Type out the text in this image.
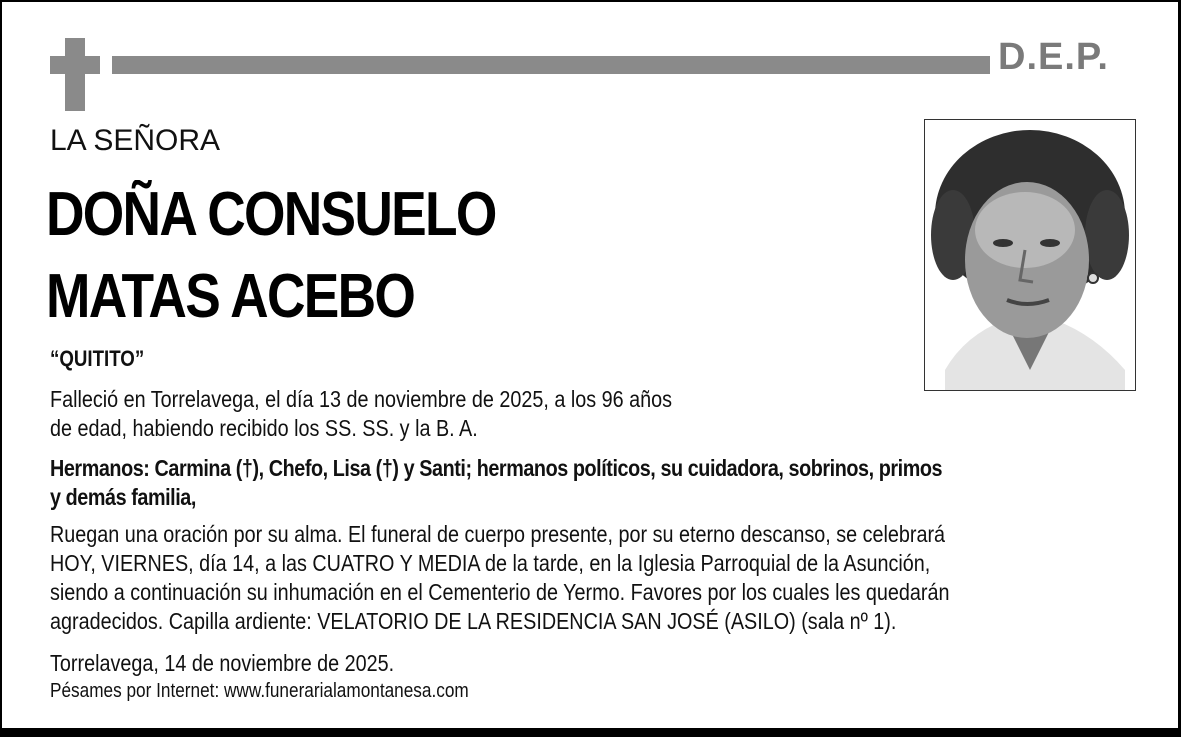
D.E.P.
LA SEÑORA
DOÑA CONSUELO
MATAS ACEBO
“QUITITO”
Falleció en Torrelavega, el día 13 de noviembre de 2025, a los 96 años
de edad, habiendo recibido los SS. SS. y la B. A.
Hermanos: Carmina (†), Chefo, Lisa (†) y Santi; hermanos políticos, su cuidadora, sobrinos, primos
y demás familia,
Ruegan una oración por su alma. El funeral de cuerpo presente, por su eterno descanso, se celebrará
HOY, VIERNES, día 14, a las CUATRO Y MEDIA de la tarde, en la Iglesia Parroquial de la Asunción,
siendo a continuación su inhumación en el Cementerio de Yermo. Favores por los cuales les quedarán
agradecidos. Capilla ardiente: VELATORIO DE LA RESIDENCIA SAN JOSÉ (ASILO) (sala nº 1).
Torrelavega, 14 de noviembre de 2025.
Pésames por Internet: www.funerarialamontanesa.com
